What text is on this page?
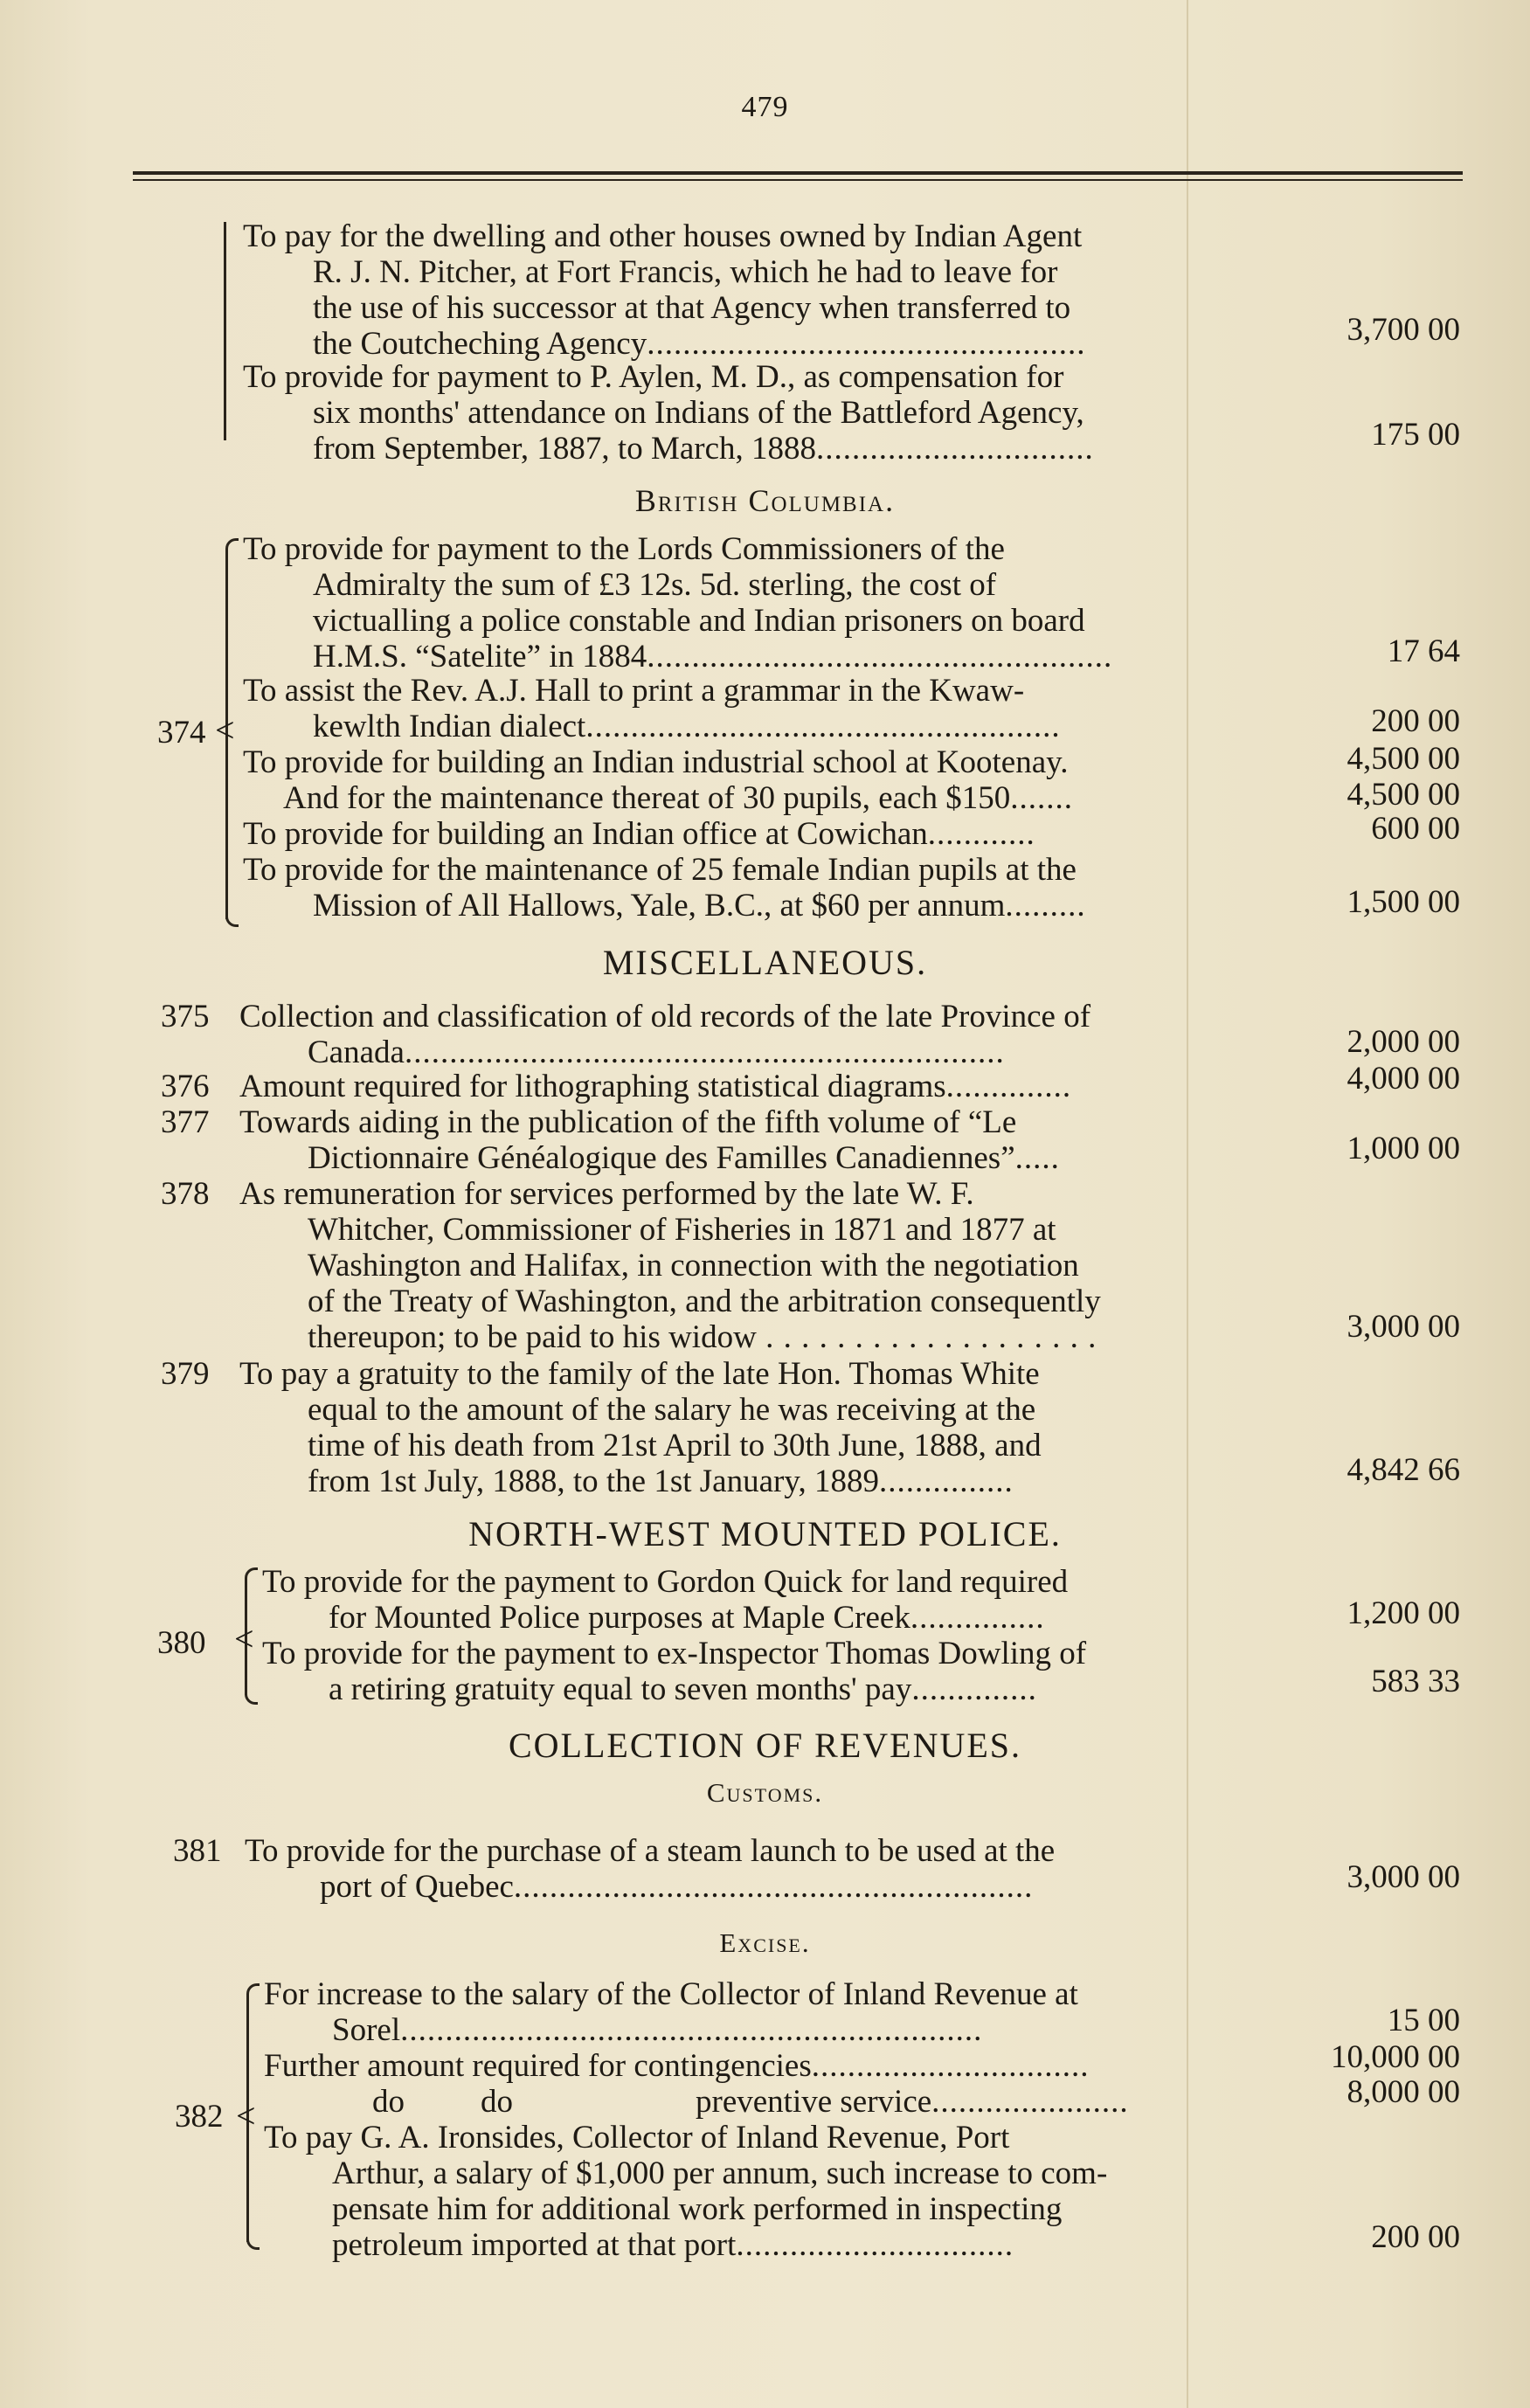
479
To pay for the dwelling and other houses owned by Indian Agent
R. J. N. Pitcher, at Fort Francis, which he had to leave for
the use of his successor at that Agency when transferred to
the Coutcheching Agency.................................................	3,700 00
To provide for payment to P. Aylen, M. D., as compensation for
six months' attendance on Indians of the Battleford Agency,
from September, 1887, to March, 1888...............................	175 00
British Columbia.
374 <
To provide for payment to the Lords Commissioners of the
Admiralty the sum of £3 12s. 5d. sterling, the cost of
victualling a police constable and Indian prisoners on board
H.M.S. “Satelite” in 1884....................................................	17 64
To assist the Rev. A.J. Hall to print a grammar in the Kwaw-
kewlth Indian dialect.....................................................	200 00
To provide for building an Indian industrial school at Kootenay.	4,500 00
And for the maintenance thereat of 30 pupils, each $150.......	4,500 00
To provide for building an Indian office at Cowichan............	600 00
To provide for the maintenance of 25 female Indian pupils at the
Mission of All Hallows, Yale, B.C., at $60 per annum.........	1,500 00
MISCELLANEOUS.
375 Collection and classification of old records of the late Province of
Canada...................................................................	2,000 00
376 Amount required for lithographing statistical diagrams..............	4,000 00
377 Towards aiding in the publication of the fifth volume of “Le
Dictionnaire Généalogique des Familles Canadiennes”.....	1,000 00
378 As remuneration for services performed by the late W. F.
Whitcher, Commissioner of Fisheries in 1871 and 1877 at
Washington and Halifax, in connection with the negotiation
of the Treaty of Washington, and the arbitration consequently
thereupon; to be paid to his widow . . . . . . . . . . . . . . . . . . .	3,000 00
379 To pay a gratuity to the family of the late Hon. Thomas White
equal to the amount of the salary he was receiving at the
time of his death from 21st April to 30th June, 1888, and
from 1st July, 1888, to the 1st January, 1889...............	4,842 66
NORTH-WEST MOUNTED POLICE.
380 <
To provide for the payment to Gordon Quick for land required
for Mounted Police purposes at Maple Creek...............	1,200 00
To provide for the payment to ex-Inspector Thomas Dowling of
a retiring gratuity equal to seven months' pay..............	583 33
COLLECTION OF REVENUES.
Customs.
381 To provide for the purchase of a steam launch to be used at the
port of Quebec..........................................................	3,000 00
Excise.
382 <
For increase to the salary of the Collector of Inland Revenue at
Sorel.................................................................	15 00
Further amount required for contingencies...............................	10,000 00
do do	preventive service......................	8,000 00
To pay G. A. Ironsides, Collector of Inland Revenue, Port
Arthur, a salary of $1,000 per annum, such increase to com-
pensate him for additional work performed in inspecting
petroleum imported at that port...............................	200 00
